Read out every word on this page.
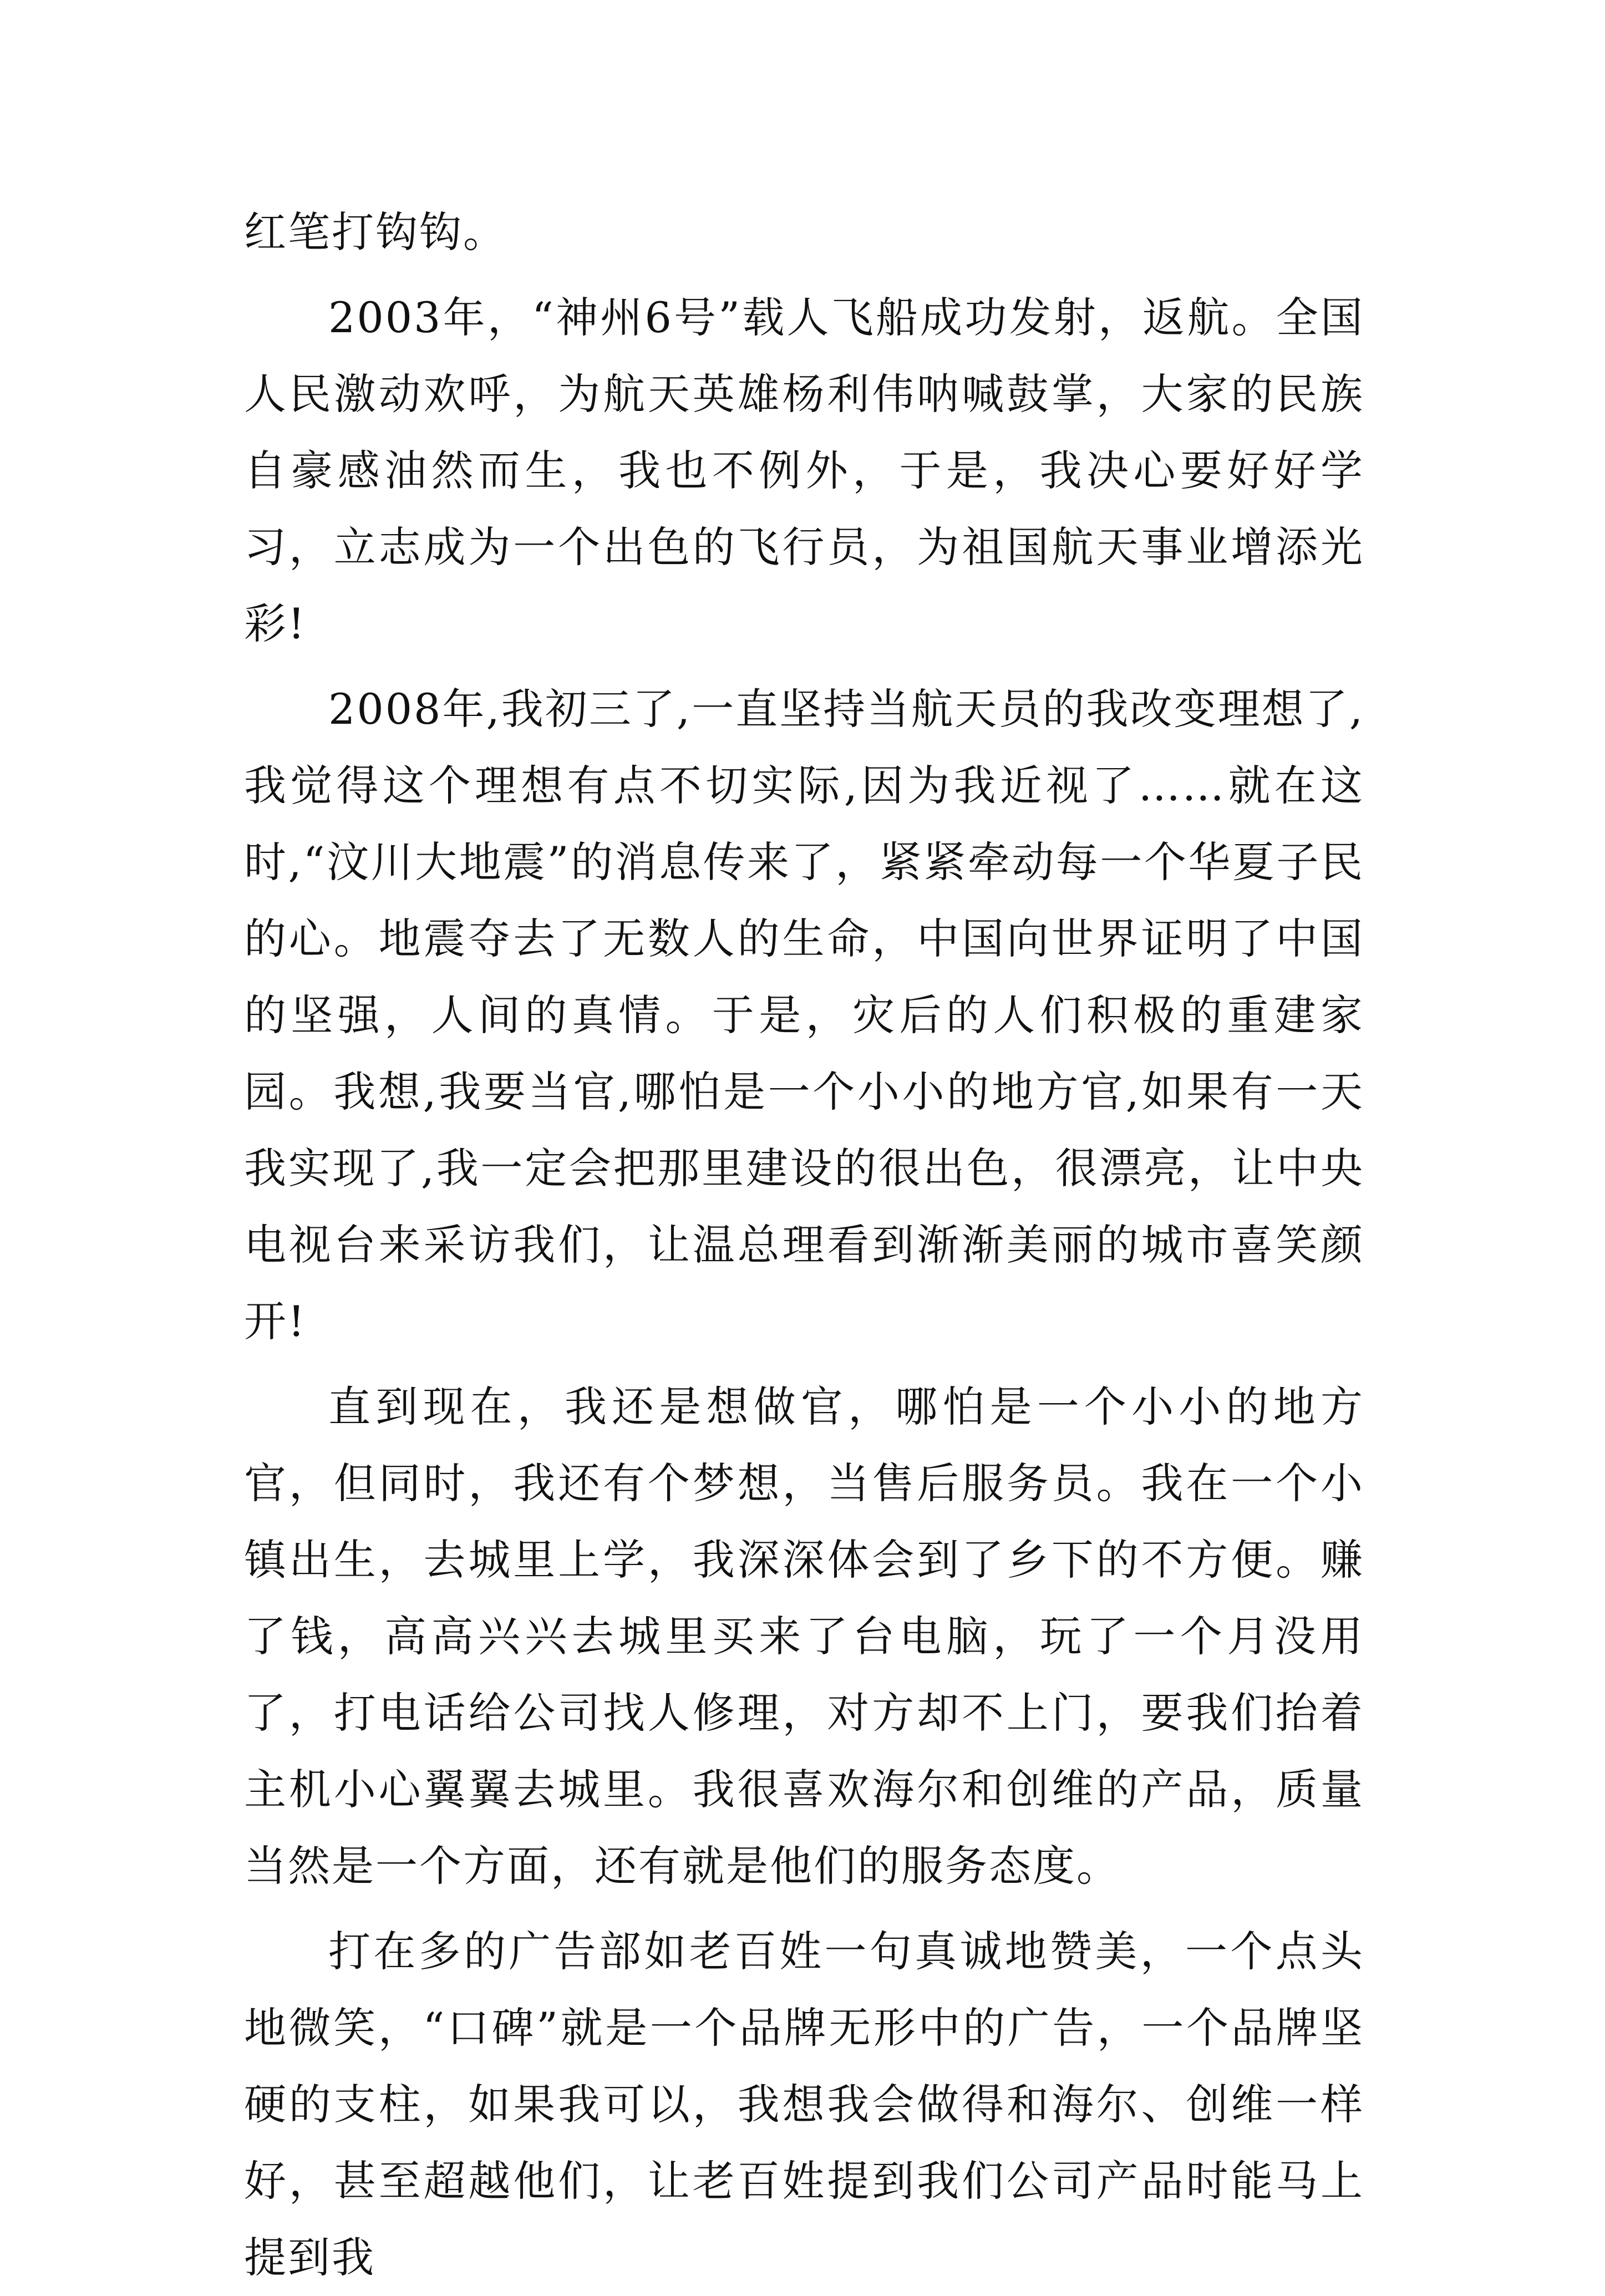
红笔打钩钩。

2003年，“神州6号”载人飞船成功发射，返航。全国人民激动欢呼，为航天英雄杨利伟呐喊鼓掌，大家的民族自豪感油然而生，我也不例外，于是，我决心要好好学习，立志成为一个出色的飞行员，为祖国航天事业增添光彩!

2008年,我初三了,一直坚持当航天员的我改变理想了,我觉得这个理想有点不切实际,因为我近视了……就在这时,“汶川大地震”的消息传来了，紧紧牵动每一个华夏子民的心。地震夺去了无数人的生命，中国向世界证明了中国的坚强，人间的真情。于是，灾后的人们积极的重建家园。我想,我要当官,哪怕是一个小小的地方官,如果有一天我实现了,我一定会把那里建设的很出色，很漂亮，让中央电视台来采访我们，让温总理看到渐渐美丽的城市喜笑颜开!

直到现在，我还是想做官，哪怕是一个小小的地方官，但同时，我还有个梦想，当售后服务员。我在一个小镇出生，去城里上学，我深深体会到了乡下的不方便。赚了钱，高高兴兴去城里买来了台电脑，玩了一个月没用了，打电话给公司找人修理，对方却不上门，要我们抬着主机小心翼翼去城里。我很喜欢海尔和创维的产品，质量当然是一个方面，还有就是他们的服务态度。

打在多的广告部如老百姓一句真诚地赞美，一个点头地微笑，“口碑”就是一个品牌无形中的广告，一个品牌坚硬的支柱，如果我可以，我想我会做得和海尔、创维一样好，甚至超越他们，让老百姓提到我们公司产品时能马上提到我
